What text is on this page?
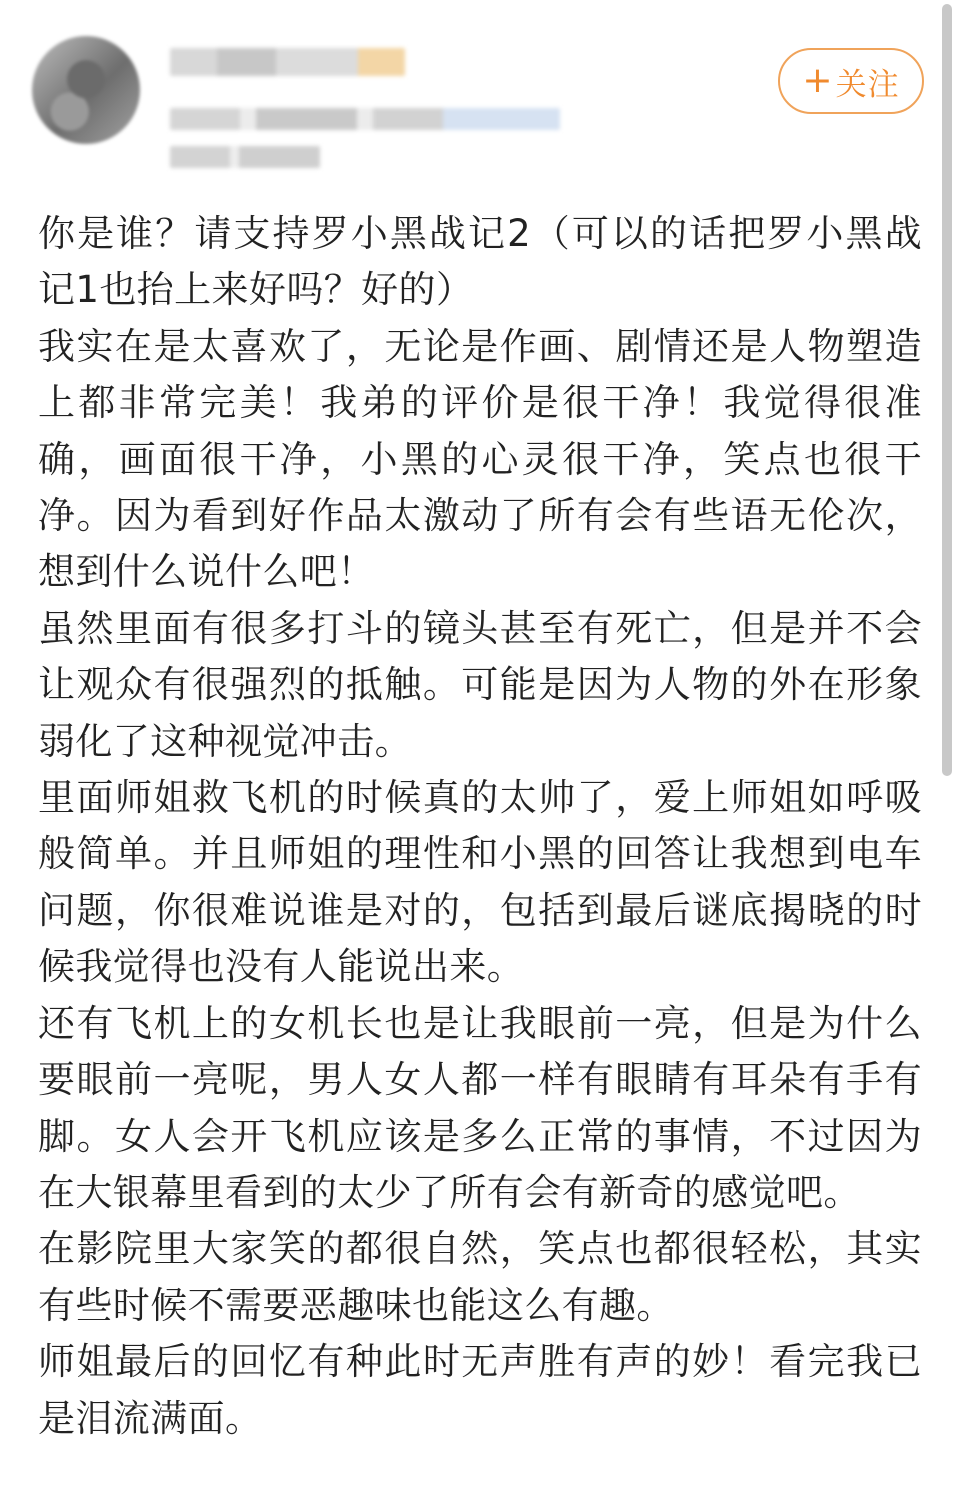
+ 关注

你是谁？请支持罗小黑战记2（可以的话把罗小黑战记1也抬上来好吗？好的）

我实在是太喜欢了，无论是作画、剧情还是人物塑造上都非常完美！我弟的评价是很干净！我觉得很准确，画面很干净，小黑的心灵很干净，笑点也很干净。因为看到好作品太激动了所有会有些语无伦次，想到什么说什么吧！

虽然里面有很多打斗的镜头甚至有死亡，但是并不会让观众有很强烈的抵触。可能是因为人物的外在形象弱化了这种视觉冲击。

里面师姐救飞机的时候真的太帅了，爱上师姐如呼吸般简单。并且师姐的理性和小黑的回答让我想到电车问题，你很难说谁是对的，包括到最后谜底揭晓的时候我觉得也没有人能说出来。

还有飞机上的女机长也是让我眼前一亮，但是为什么要眼前一亮呢，男人女人都一样有眼睛有耳朵有手有脚。女人会开飞机应该是多么正常的事情，不过因为在大银幕里看到的太少了所有会有新奇的感觉吧。

在影院里大家笑的都很自然，笑点也都很轻松，其实有些时候不需要恶趣味也能这么有趣。

师姐最后的回忆有种此时无声胜有声的妙！看完我已是泪流满面。
